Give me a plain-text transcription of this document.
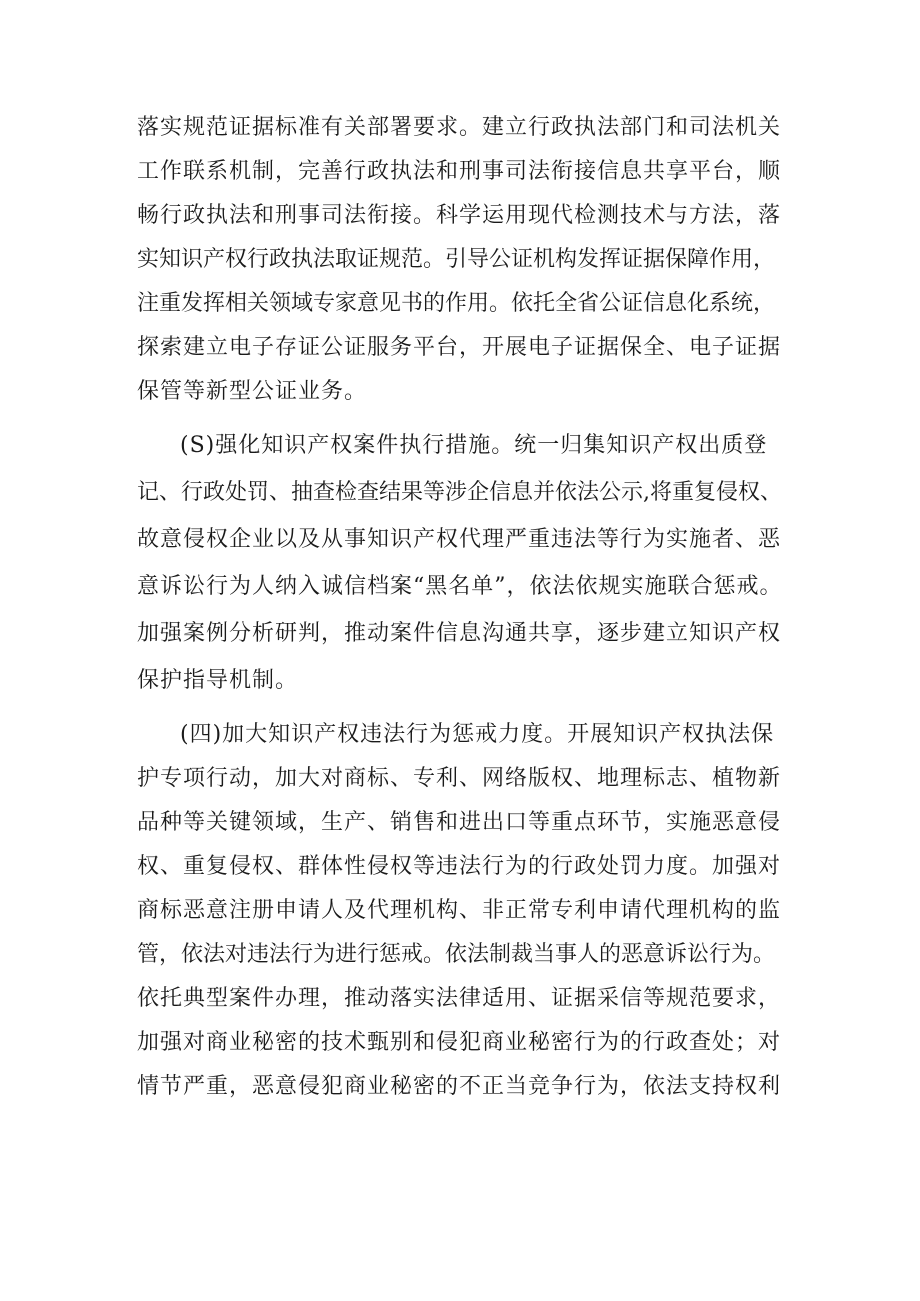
落实规范证据标准有关部署要求。建立行政执法部门和司法机关
工作联系机制，完善行政执法和刑事司法衔接信息共享平台，顺
畅行政执法和刑事司法衔接。科学运用现代检测技术与方法，落
实知识产权行政执法取证规范。引导公证机构发挥证据保障作用，
注重发挥相关领域专家意见书的作用。依托全省公证信息化系统，
探索建立电子存证公证服务平台，开展电子证据保全、电子证据
保管等新型公证业务。
(S)强化知识产权案件执行措施。统一归集知识产权出质登
记、行政处罚、抽查检查结果等涉企信息并依法公示,将重复侵权、
故意侵权企业以及从事知识产权代理严重违法等行为实施者、恶
意诉讼行为人纳入诚信档案“黑名单”，依法依规实施联合惩戒。
加强案例分析研判，推动案件信息沟通共享，逐步建立知识产权
保护指导机制。
(四)加大知识产权违法行为惩戒力度。开展知识产权执法保
护专项行动，加大对商标、专利、网络版权、地理标志、植物新
品种等关键领域，生产、销售和进出口等重点环节，实施恶意侵
权、重复侵权、群体性侵权等违法行为的行政处罚力度。加强对
商标恶意注册申请人及代理机构、非正常专利申请代理机构的监
管，依法对违法行为进行惩戒。依法制裁当事人的恶意诉讼行为。
依托典型案件办理，推动落实法律适用、证据采信等规范要求，
加强对商业秘密的技术甄别和侵犯商业秘密行为的行政查处；对
情节严重，恶意侵犯商业秘密的不正当竞争行为，依法支持权利
